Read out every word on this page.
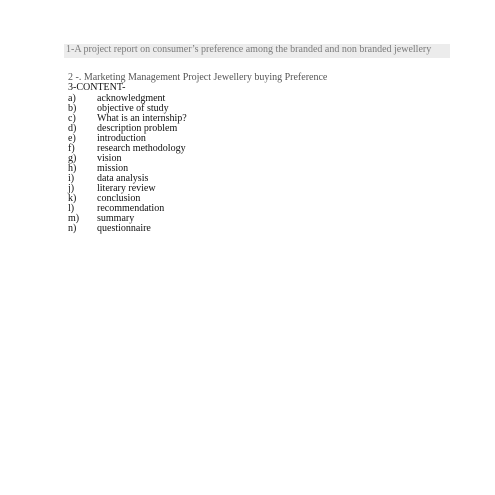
1-A project report on consumer’s preference among the branded and non branded jewellery
2 -. Marketing Management Project Jewellery buying Preference
3-CONTENT-
a) acknowledgment
b) objective of study
c) What is an internship?
d) description problem
e) introduction
f) research methodology
g) vision
h) mission
i) data analysis
j) literary review
k) conclusion
l) recommendation
m) summary
n) questionnaire
